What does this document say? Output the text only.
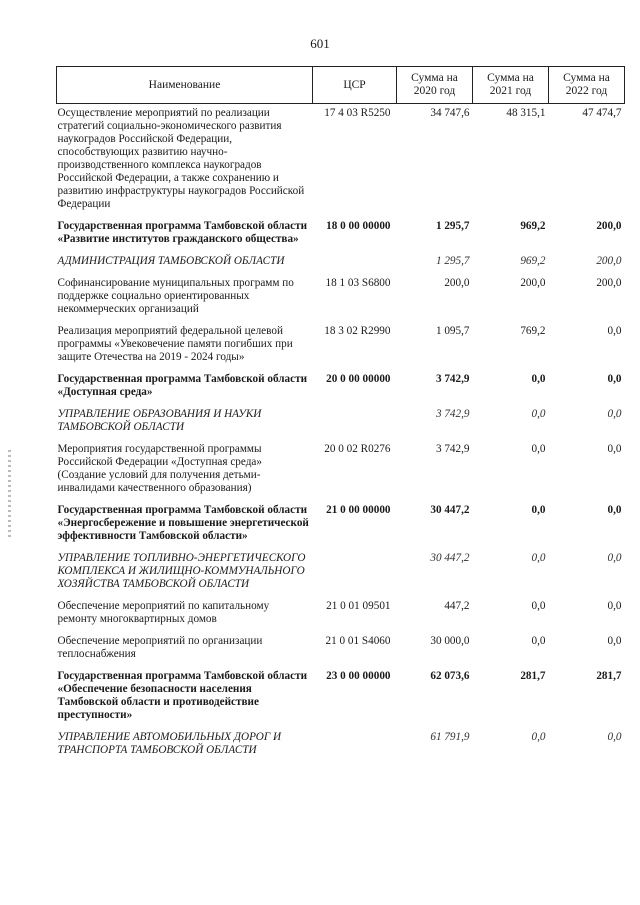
601
Наименование	ЦСР	Сумма на 2020 год	Сумма на 2021 год	Сумма на 2022 год
Осуществление мероприятий по реализации стратегий социально-экономического развития наукоградов Российской Федерации, способствующих развитию научно-производственного комплекса наукоградов Российской Федерации, а также сохранению и развитию инфраструктуры наукоградов Российской Федерации	17 4 03 R5250	34 747,6	48 315,1	47 474,7
Государственная программа Тамбовской области «Развитие институтов гражданского общества»	18 0 00 00000	1 295,7	969,2	200,0
АДМИНИСТРАЦИЯ ТАМБОВСКОЙ ОБЛАСТИ		1 295,7	969,2	200,0
Софинансирование муниципальных программ по поддержке социально ориентированных некоммерческих организаций	18 1 03 S6800	200,0	200,0	200,0
Реализация мероприятий федеральной целевой программы «Увековечение памяти погибших при защите Отечества на 2019 - 2024 годы»	18 3 02 R2990	1 095,7	769,2	0,0
Государственная программа Тамбовской области «Доступная среда»	20 0 00 00000	3 742,9	0,0	0,0
УПРАВЛЕНИЕ ОБРАЗОВАНИЯ И НАУКИ ТАМБОВСКОЙ ОБЛАСТИ		3 742,9	0,0	0,0
Мероприятия государственной программы Российской Федерации «Доступная среда» (Создание условий для получения детьми-инвалидами качественного образования)	20 0 02 R0276	3 742,9	0,0	0,0
Государственная программа Тамбовской области «Энергосбережение и повышение энергетической эффективности Тамбовской области»	21 0 00 00000	30 447,2	0,0	0,0
УПРАВЛЕНИЕ ТОПЛИВНО-ЭНЕРГЕТИЧЕСКОГО КОМПЛЕКСА И ЖИЛИЩНО-КОММУНАЛЬНОГО ХОЗЯЙСТВА ТАМБОВСКОЙ ОБЛАСТИ		30 447,2	0,0	0,0
Обеспечение мероприятий по капитальному ремонту многоквартирных домов	21 0 01 09501	447,2	0,0	0,0
Обеспечение мероприятий по организации теплоснабжения	21 0 01 S4060	30 000,0	0,0	0,0
Государственная программа Тамбовской области «Обеспечение безопасности населения Тамбовской области и противодействие преступности»	23 0 00 00000	62 073,6	281,7	281,7
УПРАВЛЕНИЕ АВТОМОБИЛЬНЫХ ДОРОГ И ТРАНСПОРТА ТАМБОВСКОЙ ОБЛАСТИ		61 791,9	0,0	0,0
